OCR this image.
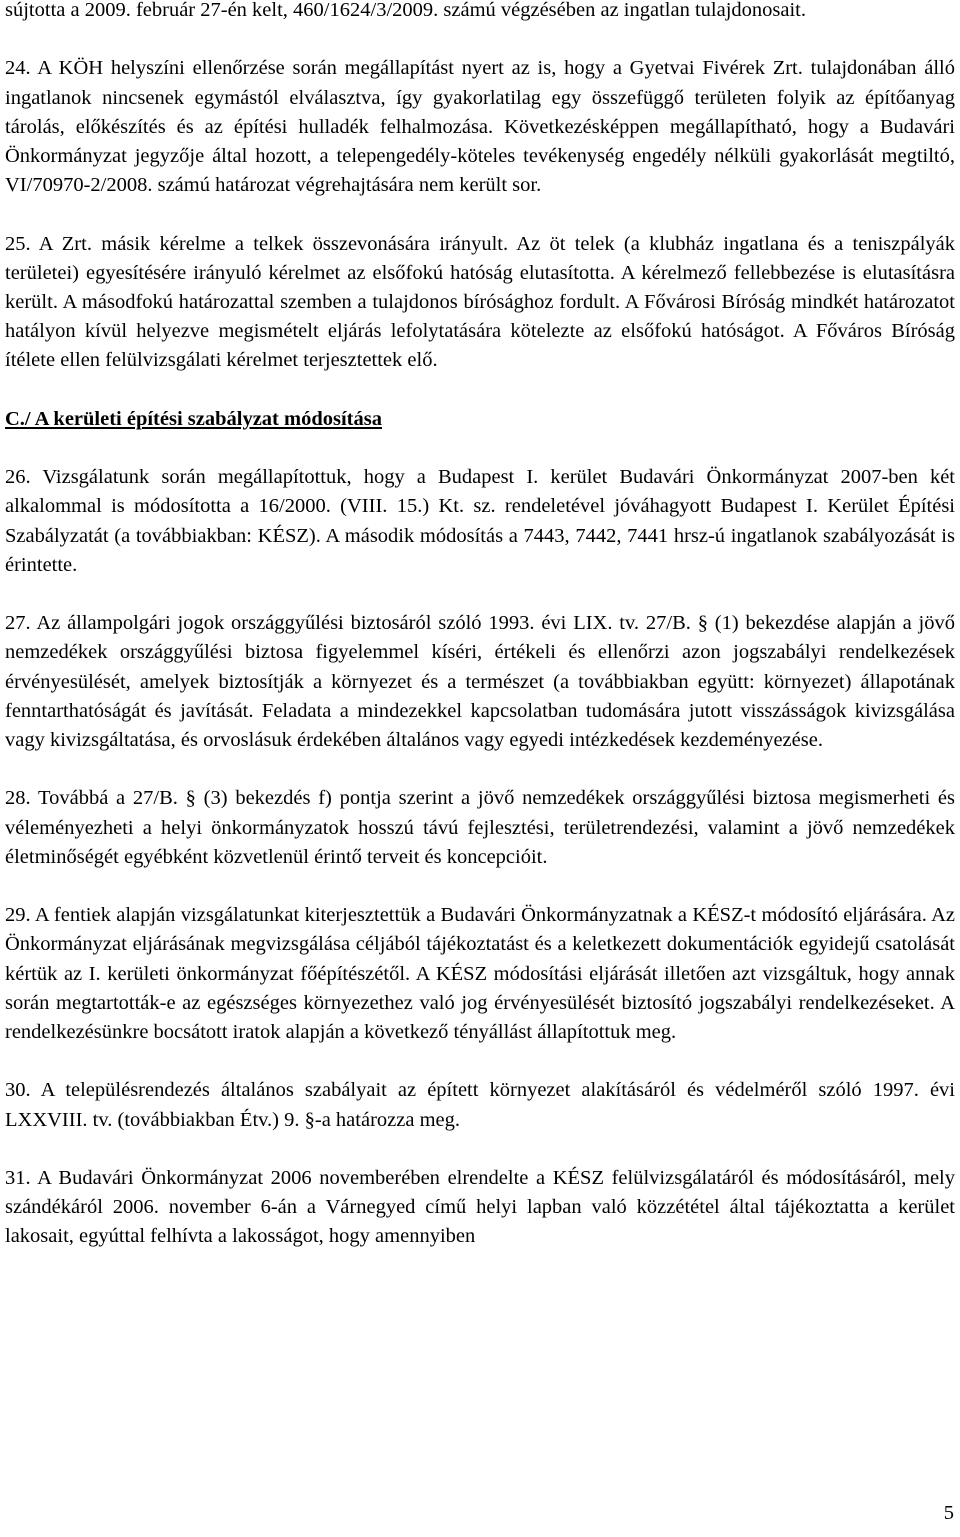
sújtotta a 2009. február 27-én kelt, 460/1624/3/2009. számú végzésében az ingatlan tulajdonosait.

24. A KÖH helyszíni ellenőrzése során megállapítást nyert az is, hogy a Gyetvai Fivérek Zrt. tulajdonában álló ingatlanok nincsenek egymástól elválasztva, így gyakorlatilag egy összefüggő területen folyik az építőanyag tárolás, előkészítés és az építési hulladék felhalmozása. Következésképpen megállapítható, hogy a Budavári Önkormányzat jegyzője által hozott, a telepengedély-köteles tevékenység engedély nélküli gyakorlását megtiltó, VI/70970-2/2008. számú határozat végrehajtására nem került sor.

25. A Zrt. másik kérelme a telkek összevonására irányult. Az öt telek (a klubház ingatlana és a teniszpályák területei) egyesítésére irányuló kérelmet az elsőfokú hatóság elutasította. A kérelmező fellebbezése is elutasításra került. A másodfokú határozattal szemben a tulajdonos bírósághoz fordult. A Fővárosi Bíróság mindkét határozatot hatályon kívül helyezve megismételt eljárás lefolytatására kötelezte az elsőfokú hatóságot. A Főváros Bíróság ítélete ellen felülvizsgálati kérelmet terjesztettek elő.

C./ A kerületi építési szabályzat módosítása

26. Vizsgálatunk során megállapítottuk, hogy a Budapest I. kerület Budavári Önkormányzat 2007-ben két alkalommal is módosította a 16/2000. (VIII. 15.) Kt. sz. rendeletével jóváhagyott Budapest I. Kerület Építési Szabályzatát (a továbbiakban: KÉSZ). A második módosítás a 7443, 7442, 7441 hrsz-ú ingatlanok szabályozását is érintette.

27. Az állampolgári jogok országgyűlési biztosáról szóló 1993. évi LIX. tv. 27/B. § (1) bekezdése alapján a jövő nemzedékek országgyűlési biztosa figyelemmel kíséri, értékeli és ellenőrzi azon jogszabályi rendelkezések érvényesülését, amelyek biztosítják a környezet és a természet (a továbbiakban együtt: környezet) állapotának fenntarthatóságát és javítását. Feladata a mindezekkel kapcsolatban tudomására jutott visszásságok kivizsgálása vagy kivizsgáltatása, és orvoslásuk érdekében általános vagy egyedi intézkedések kezdeményezése.

28. Továbbá a 27/B. § (3) bekezdés f) pontja szerint a jövő nemzedékek országgyűlési biztosa megismerheti és véleményezheti a helyi önkormányzatok hosszú távú fejlesztési, területrendezési, valamint a jövő nemzedékek életminőségét egyébként közvetlenül érintő terveit és koncepcióit.

29. A fentiek alapján vizsgálatunkat kiterjesztettük a Budavári Önkormányzatnak a KÉSZ-t módosító eljárására. Az Önkormányzat eljárásának megvizsgálása céljából tájékoztatást és a keletkezett dokumentációk egyidejű csatolását kértük az I. kerületi önkormányzat főépítészétől. A KÉSZ módosítási eljárását illetően azt vizsgáltuk, hogy annak során megtartották-e az egészséges környezethez való jog érvényesülését biztosító jogszabályi rendelkezéseket. A rendelkezésünkre bocsátott iratok alapján a következő tényállást állapítottuk meg.

30. A településrendezés általános szabályait az épített környezet alakításáról és védelméről szóló 1997. évi LXXVIII. tv. (továbbiakban Étv.) 9. §-a határozza meg.

31. A Budavári Önkormányzat 2006 novemberében elrendelte a KÉSZ felülvizsgálatáról és módosításáról, mely szándékáról 2006. november 6-án a Várnegyed című helyi lapban való közzététel által tájékoztatta a kerület lakosait, egyúttal felhívta a lakosságot, hogy amennyiben

5
